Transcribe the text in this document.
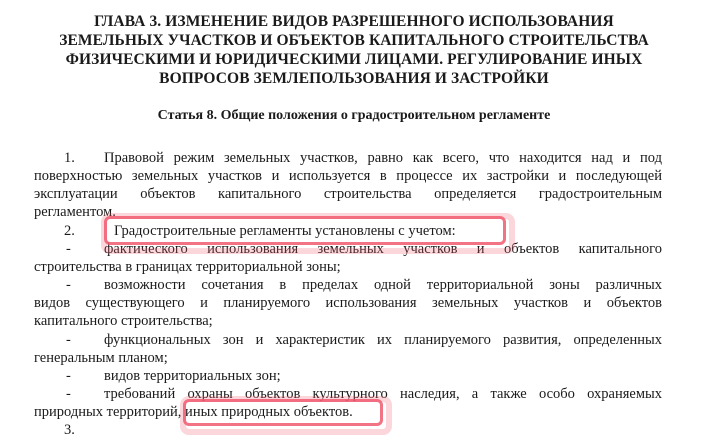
ГЛАВА 3. ИЗМЕНЕНИЕ ВИДОВ РАЗРЕШЕННОГО ИСПОЛЬЗОВАНИЯ
ЗЕМЕЛЬНЫХ УЧАСТКОВ И ОБЪЕКТОВ КАПИТАЛЬНОГО СТРОИТЕЛЬСТВА
ФИЗИЧЕСКИМИ И ЮРИДИЧЕСКИМИ ЛИЦАМИ. РЕГУЛИРОВАНИЕ ИНЫХ
ВОПРОСОВ ЗЕМЛЕПОЛЬЗОВАНИЯ И ЗАСТРОЙКИ
Статья 8. Общие положения о градостроительном регламенте
1. Правовой режим земельных участков, равно как всего, что находится над и под
поверхностью земельных участков и используется в процессе их застройки и последующей
эксплуатации объектов капитального строительства определяется градостроительным
регламентом.
2.	Градостроительные регламенты установлены с учетом:
- фактического использования земельных участков и объектов капитального
строительства в границах территориальной зоны;
- возможности сочетания в пределах одной территориальной зоны различных
видов существующего и планируемого использования земельных участков и объектов
капитального строительства;
- функциональных зон и характеристик их планируемого развития, определенных
генеральным планом;
- видов территориальных зон;
- требований охраны объектов культурного наследия, а также особо охраняемых
природных территорий, иных природных объектов.
3.
